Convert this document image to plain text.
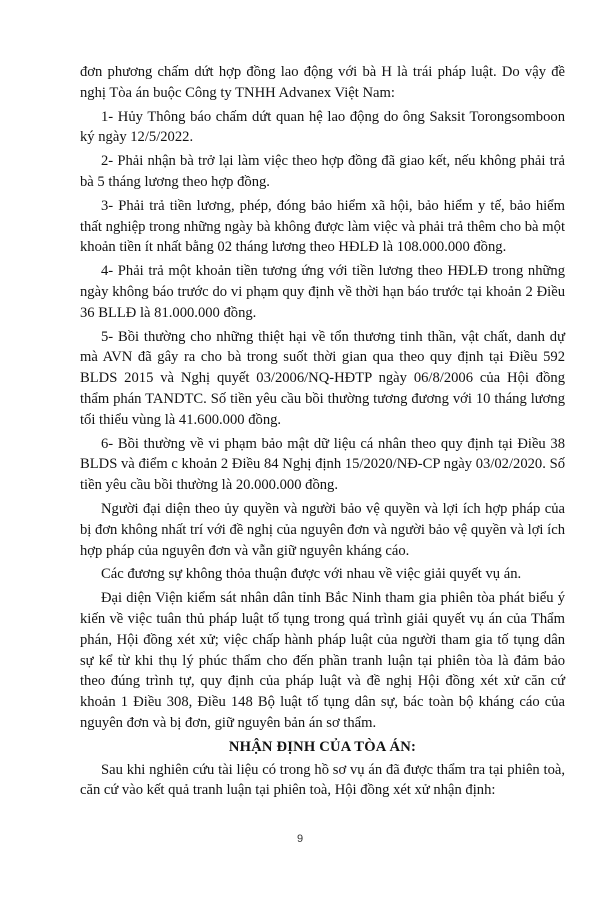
đơn phương chấm dứt hợp đồng lao động với bà H là trái pháp luật. Do vậy đề nghị Tòa án buộc Công ty TNHH Advanex Việt Nam:

1- Hủy Thông báo chấm dứt quan hệ lao động do ông Saksit Torongsomboon ký ngày 12/5/2022.

2- Phải nhận bà trở lại làm việc theo hợp đồng đã giao kết, nếu không phải trả bà 5 tháng lương theo hợp đồng.

3- Phải trả tiền lương, phép, đóng bảo hiểm xã hội, bảo hiểm y tế, bảo hiểm thất nghiệp trong những ngày bà không được làm việc và phải trả thêm cho bà một khoản tiền ít nhất bằng 02 tháng lương theo HĐLĐ là 108.000.000 đồng.

4- Phải trả một khoản tiền tương ứng với tiền lương theo HĐLĐ trong những ngày không báo trước do vi phạm quy định về thời hạn báo trước tại khoản 2 Điều 36 BLLĐ là 81.000.000 đồng.

5- Bồi thường cho những thiệt hại về tổn thương tinh thần, vật chất, danh dự mà AVN đã gây ra cho bà trong suốt thời gian qua theo quy định tại Điều 592 BLDS 2015 và Nghị quyết 03/2006/NQ-HĐTP ngày 06/8/2006 của Hội đồng thẩm phán TANDTC. Số tiền yêu cầu bồi thường tương đương với 10 tháng lương tối thiểu vùng là 41.600.000 đồng.

6- Bồi thường về vi phạm bảo mật dữ liệu cá nhân theo quy định tại Điều 38 BLDS và điểm c khoản 2 Điều 84 Nghị định 15/2020/NĐ-CP ngày 03/02/2020. Số tiền yêu cầu bồi thường là 20.000.000 đồng.

Người đại diện theo ủy quyền và người bảo vệ quyền và lợi ích hợp pháp của bị đơn không nhất trí với đề nghị của nguyên đơn và người bảo vệ quyền và lợi ích hợp pháp của nguyên đơn và vẫn giữ nguyên kháng cáo.

Các đương sự không thỏa thuận được với nhau về việc giải quyết vụ án.

Đại diện Viện kiểm sát nhân dân tỉnh Bắc Ninh tham gia phiên tòa phát biểu ý kiến về việc tuân thủ pháp luật tố tụng trong quá trình giải quyết vụ án của Thẩm phán, Hội đồng xét xử; việc chấp hành pháp luật của người tham gia tố tụng dân sự kể từ khi thụ lý phúc thẩm cho đến phần tranh luận tại phiên tòa là đảm bảo theo đúng trình tự, quy định của pháp luật và đề nghị Hội đồng xét xử căn cứ khoản 1 Điều 308, Điều 148 Bộ luật tố tụng dân sự, bác toàn bộ kháng cáo của nguyên đơn và bị đơn, giữ nguyên bản án sơ thẩm.

NHẬN ĐỊNH CỦA TÒA ÁN:

Sau khi nghiên cứu tài liệu có trong hồ sơ vụ án đã được thẩm tra tại phiên toà, căn cứ vào kết quả tranh luận tại phiên toà, Hội đồng xét xử nhận định:

9
